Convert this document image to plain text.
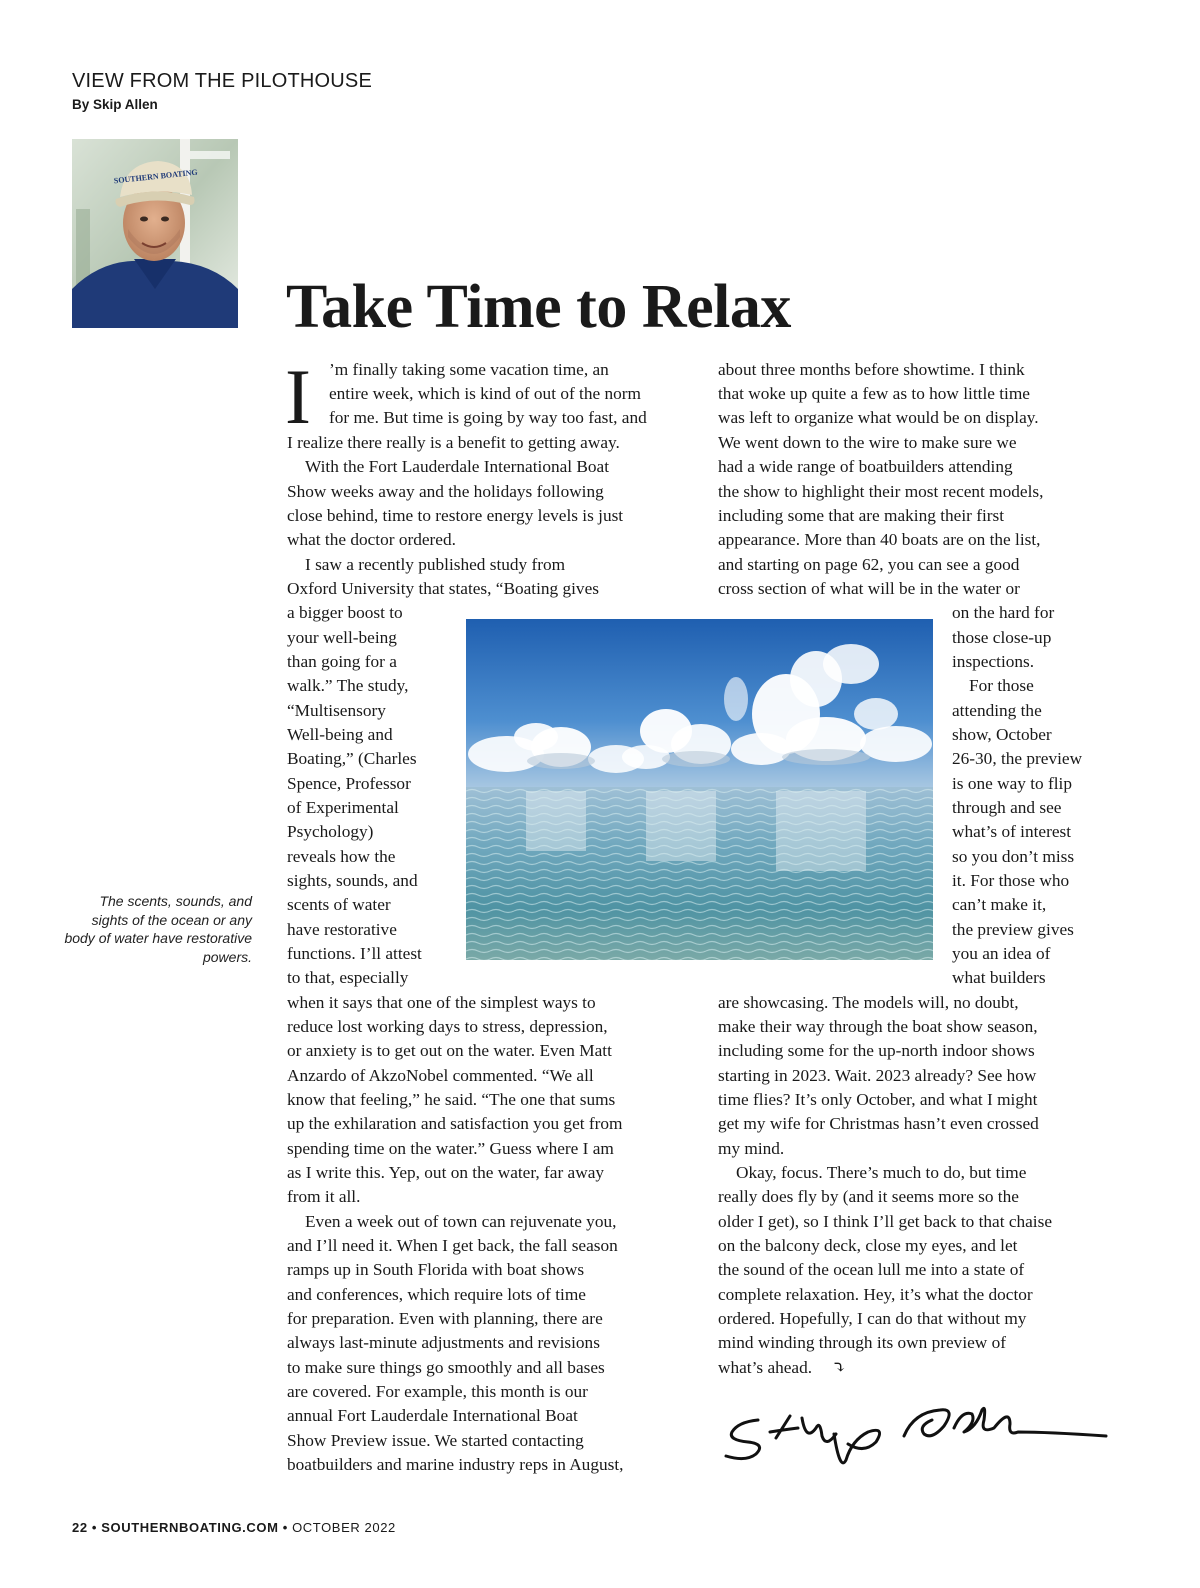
VIEW FROM THE PILOTHOUSE
By Skip Allen
SOUTHERN BOATING
Take Time to Relax
I ’m finally taking some vacation time, an
entire week, which is kind of out of the norm
for me. But time is going by way too fast, and
I realize there really is a benefit to getting away.
With the Fort Lauderdale International Boat
Show weeks away and the holidays following
close behind, time to restore energy levels is just
what the doctor ordered.
I saw a recently published study from
Oxford University that states, “Boating gives
a bigger boost to
your well-being
than going for a
walk.” The study,
“Multisensory
Well-being and
Boating,” (Charles
Spence, Professor
of Experimental
Psychology)
reveals how the
sights, sounds, and
scents of water
have restorative
functions. I’ll attest
to that, especially
when it says that one of the simplest ways to
reduce lost working days to stress, depression,
or anxiety is to get out on the water. Even Matt
Anzardo of AkzoNobel commented. “We all
know that feeling,” he said. “The one that sums
up the exhilaration and satisfaction you get from
spending time on the water.” Guess where I am
as I write this. Yep, out on the water, far away
from it all.
Even a week out of town can rejuvenate you,
and I’ll need it. When I get back, the fall season
ramps up in South Florida with boat shows
and conferences, which require lots of time
for preparation. Even with planning, there are
always last-minute adjustments and revisions
to make sure things go smoothly and all bases
are covered. For example, this month is our
annual Fort Lauderdale International Boat
Show Preview issue. We started contacting
boatbuilders and marine industry reps in August,
about three months before showtime. I think
that woke up quite a few as to how little time
was left to organize what would be on display.
We went down to the wire to make sure we
had a wide range of boatbuilders attending
the show to highlight their most recent models,
including some that are making their first
appearance. More than 40 boats are on the list,
and starting on page 62, you can see a good
cross section of what will be in the water or
on the hard for
those close-up
inspections.
For those
attending the
show, October
26-30, the preview
is one way to flip
through and see
what’s of interest
so you don’t miss
it. For those who
can’t make it,
the preview gives
you an idea of
what builders
are showcasing. The models will, no doubt,
make their way through the boat show season,
including some for the up-north indoor shows
starting in 2023. Wait. 2023 already? See how
time flies? It’s only October, and what I might
get my wife for Christmas hasn’t even crossed
my mind.
Okay, focus. There’s much to do, but time
really does fly by (and it seems more so the
older I get), so I think I’ll get back to that chaise
on the balcony deck, close my eyes, and let
the sound of the ocean lull me into a state of
complete relaxation. Hey, it’s what the doctor
ordered. Hopefully, I can do that without my
mind winding through its own preview of
what’s ahead. ⤵
The scents, sounds, and sights of the ocean or any body of water have restorative powers.
22 • SOUTHERNBOATING.COM • OCTOBER 2022
